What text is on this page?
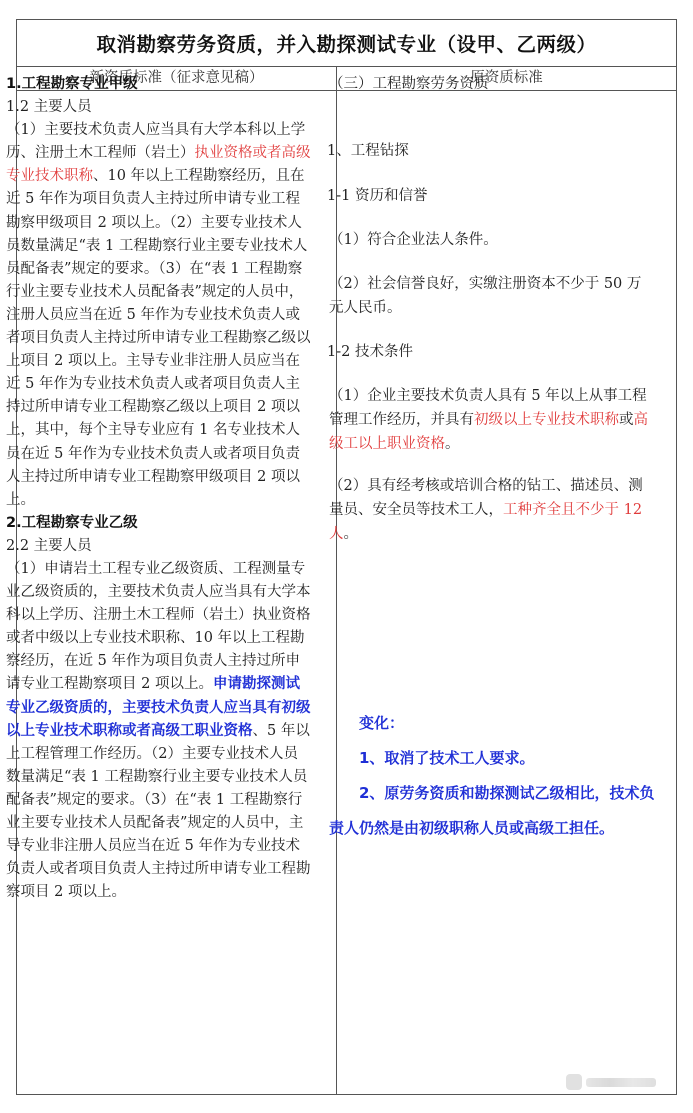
取消勘察劳务资质，并入勘探测试专业（设甲、乙两级）
新资质标准（征求意见稿）	原资质标准

1.工程勘察专业甲级

1.2 主要人员

（1）主要技术负责人应当具有大学本科以上学历、注册土木工程师（岩土）执业资格或者高级专业技术职称、10 年以上工程勘察经历，且在近 5 年作为项目负责人主持过所申请专业工程勘察甲级项目 2 项以上。（2）主要专业技术人员数量满足“表 1 工程勘察行业主要专业技术人员配备表”规定的要求。（3）在“表 1 工程勘察行业主要专业技术人员配备表”规定的人员中，注册人员应当在近 5 年作为专业技术负责人或者项目负责人主持过所申请专业工程勘察乙级以上项目 2 项以上。主导专业非注册人员应当在近 5 年作为专业技术负责人或者项目负责人主持过所申请专业工程勘察乙级以上项目 2 项以上，其中，每个主导专业应有 1 名专业技术人员在近 5 年作为专业技术负责人或者项目负责人主持过所申请专业工程勘察甲级项目 2 项以上。

2.工程勘察专业乙级

2.2 主要人员

（1）申请岩土工程专业乙级资质、工程测量专业乙级资质的，主要技术负责人应当具有大学本科以上学历、注册土木工程师（岩土）执业资格或者中级以上专业技术职称、10 年以上工程勘察经历，在近 5 年作为项目负责人主持过所申请专业工程勘察项目 2 项以上。申请勘探测试专业乙级资质的，主要技术负责人应当具有初级以上专业技术职称或者高级工职业资格、5 年以上工程管理工作经历。（2）主要专业技术人员数量满足“表 1 工程勘察行业主要专业技术人员配备表”规定的要求。（3）在“表 1 工程勘察行业主要专业技术人员配备表”规定的人员中，主导专业非注册人员应当在近 5 年作为专业技术负责人或者项目负责人主持过所申请专业工程勘察项目 2 项以上。

（三）工程勘察劳务资质

1、工程钻探

1-1 资历和信誉

（1）符合企业法人条件。

（2）社会信誉良好，实缴注册资本不少于 50 万元人民币。

1-2 技术条件

（1）企业主要技术负责人具有 5 年以上从事工程管理工作经历，并具有初级以上专业技术职称或高级工以上职业资格。

（2）具有经考核或培训合格的钻工、描述员、测量员、安全员等技术工人，工种齐全且不少于 12 人。

变化：

1、取消了技术工人要求。

2、原劳务资质和勘探测试乙级相比，技术负责人仍然是由初级职称人员或高级工担任。
